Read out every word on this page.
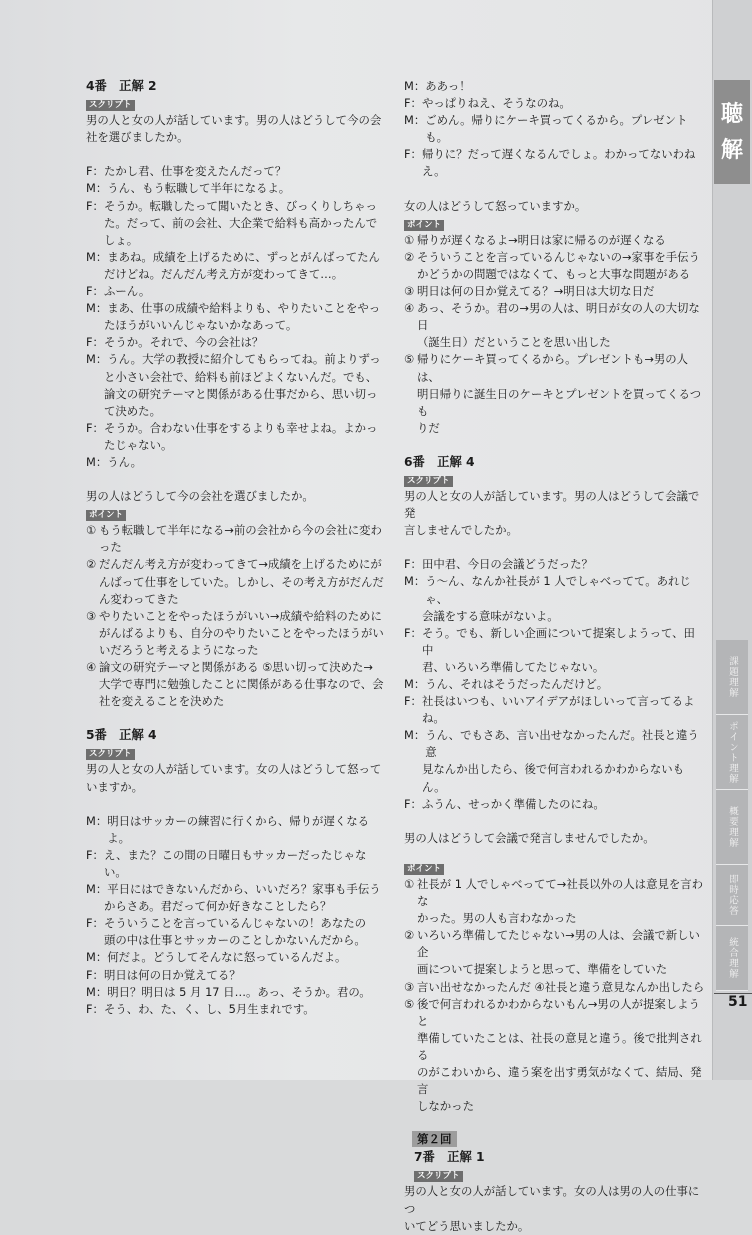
4番　正解 2
スクリプト
男の人と女の人が話しています。男の人はどうして今の会
社を選びましたか。
F： たかし君、仕事を変えたんだって？
M： うん、もう転職して半年になるよ。
F： そうか。転職したって聞いたとき、びっくりしちゃっ
た。だって、前の会社、大企業で給料も高かったんで
しょ。
M： まあね。成績を上げるために、ずっとがんばってたん
だけどね。だんだん考え方が変わってきて…。
F： ふーん。
M： まあ、仕事の成績や給料よりも、やりたいことをやっ
たほうがいいんじゃないかなあって。
F： そうか。それで、今の会社は？
M： うん。大学の教授に紹介してもらってね。前よりずっ
と小さい会社で、給料も前ほどよくないんだ。でも、
論文の研究テーマと関係がある仕事だから、思い切っ
て決めた。
F： そうか。合わない仕事をするよりも幸せよね。よかっ
たじゃない。
M： うん。
男の人はどうして今の会社を選びましたか。
ポイント
① もう転職して半年になる→前の会社から今の会社に変わ
った
② だんだん考え方が変わってきて→成績を上げるためにが
んばって仕事をしていた。しかし、その考え方がだんだ
ん変わってきた
③ やりたいことをやったほうがいい→成績や給料のために
がんばるよりも、自分のやりたいことをやったほうがい
いだろうと考えるようになった
④ 論文の研究テーマと関係がある ⑤思い切って決めた→
大学で専門に勉強したことに関係がある仕事なので、会
社を変えることを決めた
5番　正解 4
スクリプト
男の人と女の人が話しています。女の人はどうして怒って
いますか。
M： 明日はサッカーの練習に行くから、帰りが遅くなるよ。
F： え、また？この間の日曜日もサッカーだったじゃない。
M： 平日にはできないんだから、いいだろ？家事も手伝う
からさあ。君だって何か好きなことしたら？
F： そういうことを言っているんじゃないの！あなたの
頭の中は仕事とサッカーのことしかないんだから。
M： 何だよ。どうしてそんなに怒っているんだよ。
F： 明日は何の日か覚えてる？
M： 明日？明日は 5 月 17 日…。あっ、そうか。君の。
F： そう、わ、た、く、し、5月生まれです。
M： ああっ！
F： やっぱりねえ、そうなのね。
M： ごめん。帰りにケーキ買ってくるから。プレゼントも。
F： 帰りに？だって遅くなるんでしょ。わかってないわね
え。
女の人はどうして怒っていますか。
ポイント
① 帰りが遅くなるよ→明日は家に帰るのが遅くなる
② そういうことを言っているんじゃないの→家事を手伝う
かどうかの問題ではなくて、もっと大事な問題がある
③ 明日は何の日か覚えてる？→明日は大切な日だ
④ あっ、そうか。君の→男の人は、明日が女の人の大切な日
（誕生日）だということを思い出した
⑤ 帰りにケーキ買ってくるから。プレゼントも→男の人は、
明日帰りに誕生日のケーキとプレゼントを買ってくるつも
りだ
6番　正解 4
スクリプト
男の人と女の人が話しています。男の人はどうして会議で発
言しませんでしたか。
F： 田中君、今日の会議どうだった？
M： う〜ん、なんか社長が 1 人でしゃべってて。あれじゃ、
会議をする意味がないよ。
F： そう。でも、新しい企画について提案しようって、田中
君、いろいろ準備してたじゃない。
M： うん、それはそうだったんだけど。
F： 社長はいつも、いいアイデアがほしいって言ってるよ
ね。
M： うん、でもさあ、言い出せなかったんだ。社長と違う意
見なんか出したら、後で何言われるかわからないもん。
F： ふうん、せっかく準備したのにね。
男の人はどうして会議で発言しませんでしたか。
ポイント
① 社長が 1 人でしゃべってて→社長以外の人は意見を言わな
かった。男の人も言わなかった
② いろいろ準備してたじゃない→男の人は、会議で新しい企
画について提案しようと思って、準備をしていた
③ 言い出せなかったんだ ④社長と違う意見なんか出したら
⑤ 後で何言われるかわからないもん→男の人が提案しようと
準備していたことは、社長の意見と違う。後で批判される
のがこわいから、違う案を出す勇気がなくて、結局、発言
しなかった
第２回
7番　正解 1
スクリプト
男の人と女の人が話しています。女の人は男の人の仕事につ
いてどう思いましたか。
聴
解
課題理解
ポイント理解
概要理解
即時応答
統合理解
51
